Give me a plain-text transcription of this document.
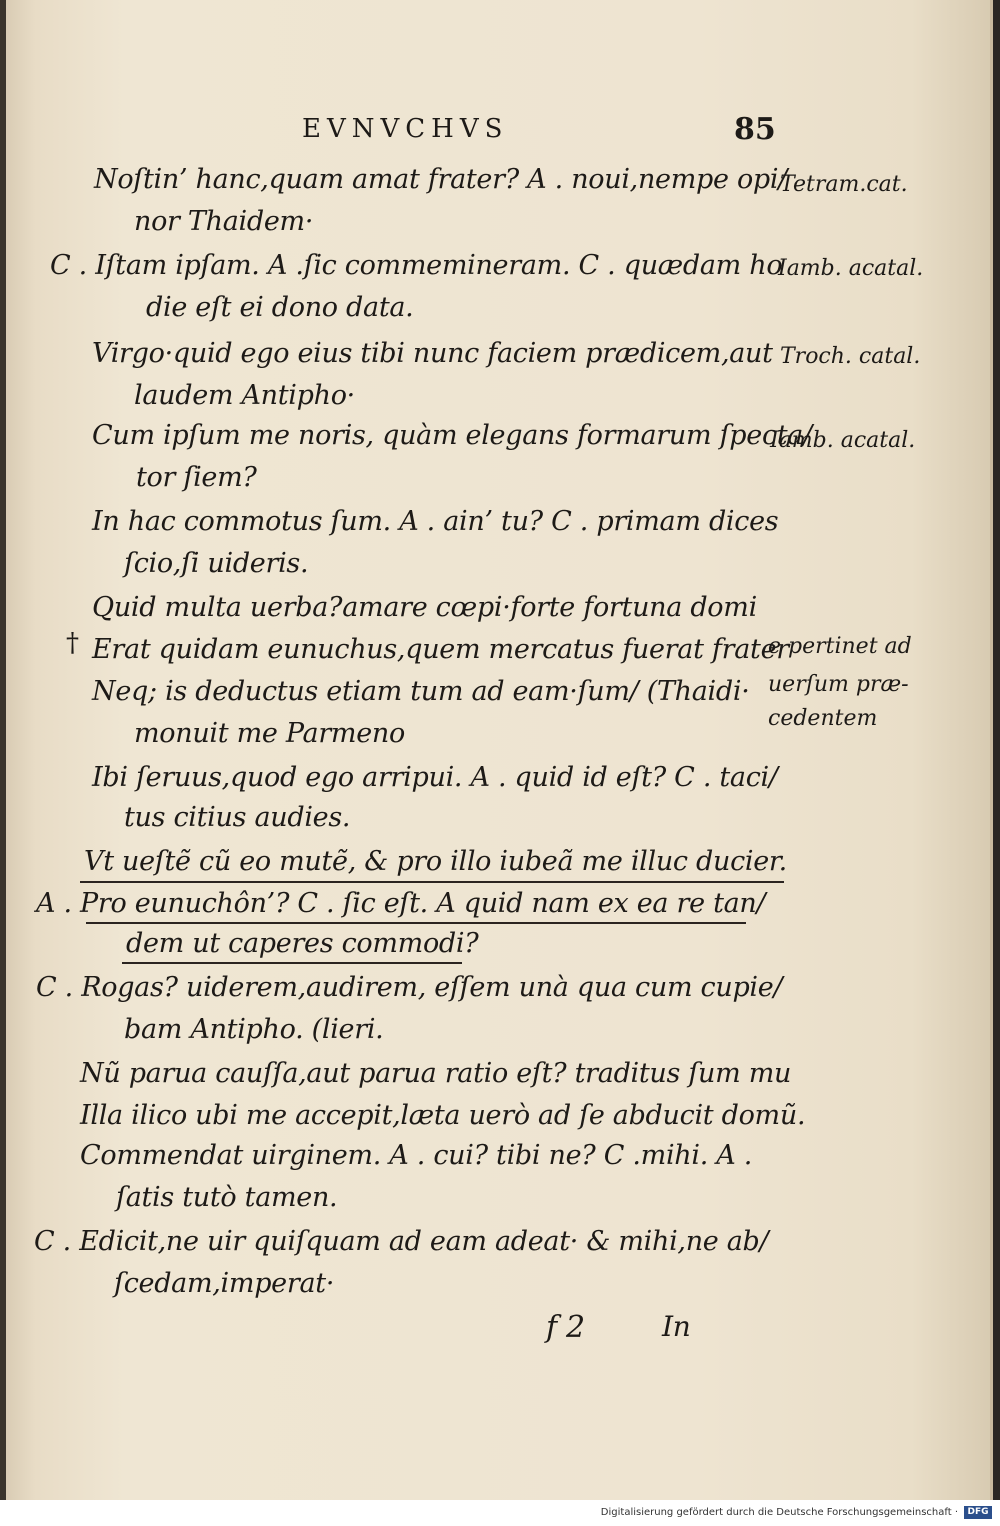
EVNVCHVS	85
Noſtin’ hanc,quam amat frater? A . noui,nempe opi/
nor Thaidem·
C . Iſtam ipſam. A .ſic commemineram. C . quædam ho
die eſt ei dono data.
Virgo·quid ego eius tibi nunc faciem prædicem,aut
laudem Antipho·
Cum ipſum me noris, quàm elegans formarum ſpecta/
tor ſiem?
In hac commotus ſum. A . ain’ tu? C . primam dices
ſcio,ſi uideris.
Quid multa uerba?amare cœpi·forte fortuna domi
† Erat quidam eunuchus,quem mercatus fuerat frater
Neq; is deductus etiam tum ad eam·ſum/ (Thaidi·
monuit me Parmeno
Ibi ſeruus,quod ego arripui. A . quid id eſt? C . taci/
tus citius audies.
Vt ueſtẽ cũ eo mutẽ, & pro illo iubeã me illuc ducier.
A . Pro eunuchôn’? C . ſic eſt. A quid nam ex ea re tan/
dem ut caperes commodi?
C . Rogas? uiderem,audirem, eſſem unà qua cum cupie/
bam Antipho. (lieri.
Nũ parua cauſſa,aut parua ratio eſt? traditus ſum mu
Illa ilico ubi me accepit,læta uerò ad ſe abducit domũ.
Commendat uirginem. A . cui? tibi ne? C .mihi. A .
ſatis tutò tamen.
C . Edicit,ne uir quiſquam ad eam adeat· & mihi,ne ab/
ſcedam,imperat·
Tetram.cat.
Iamb. acatal.
Troch. catal.
Iamb. acatal.
e pertinet ad
uerſum præ-
cedentem
f 2	In
Digitalisierung gefördert durch die Deutsche Forschungsgemeinschaft ·	DFG
